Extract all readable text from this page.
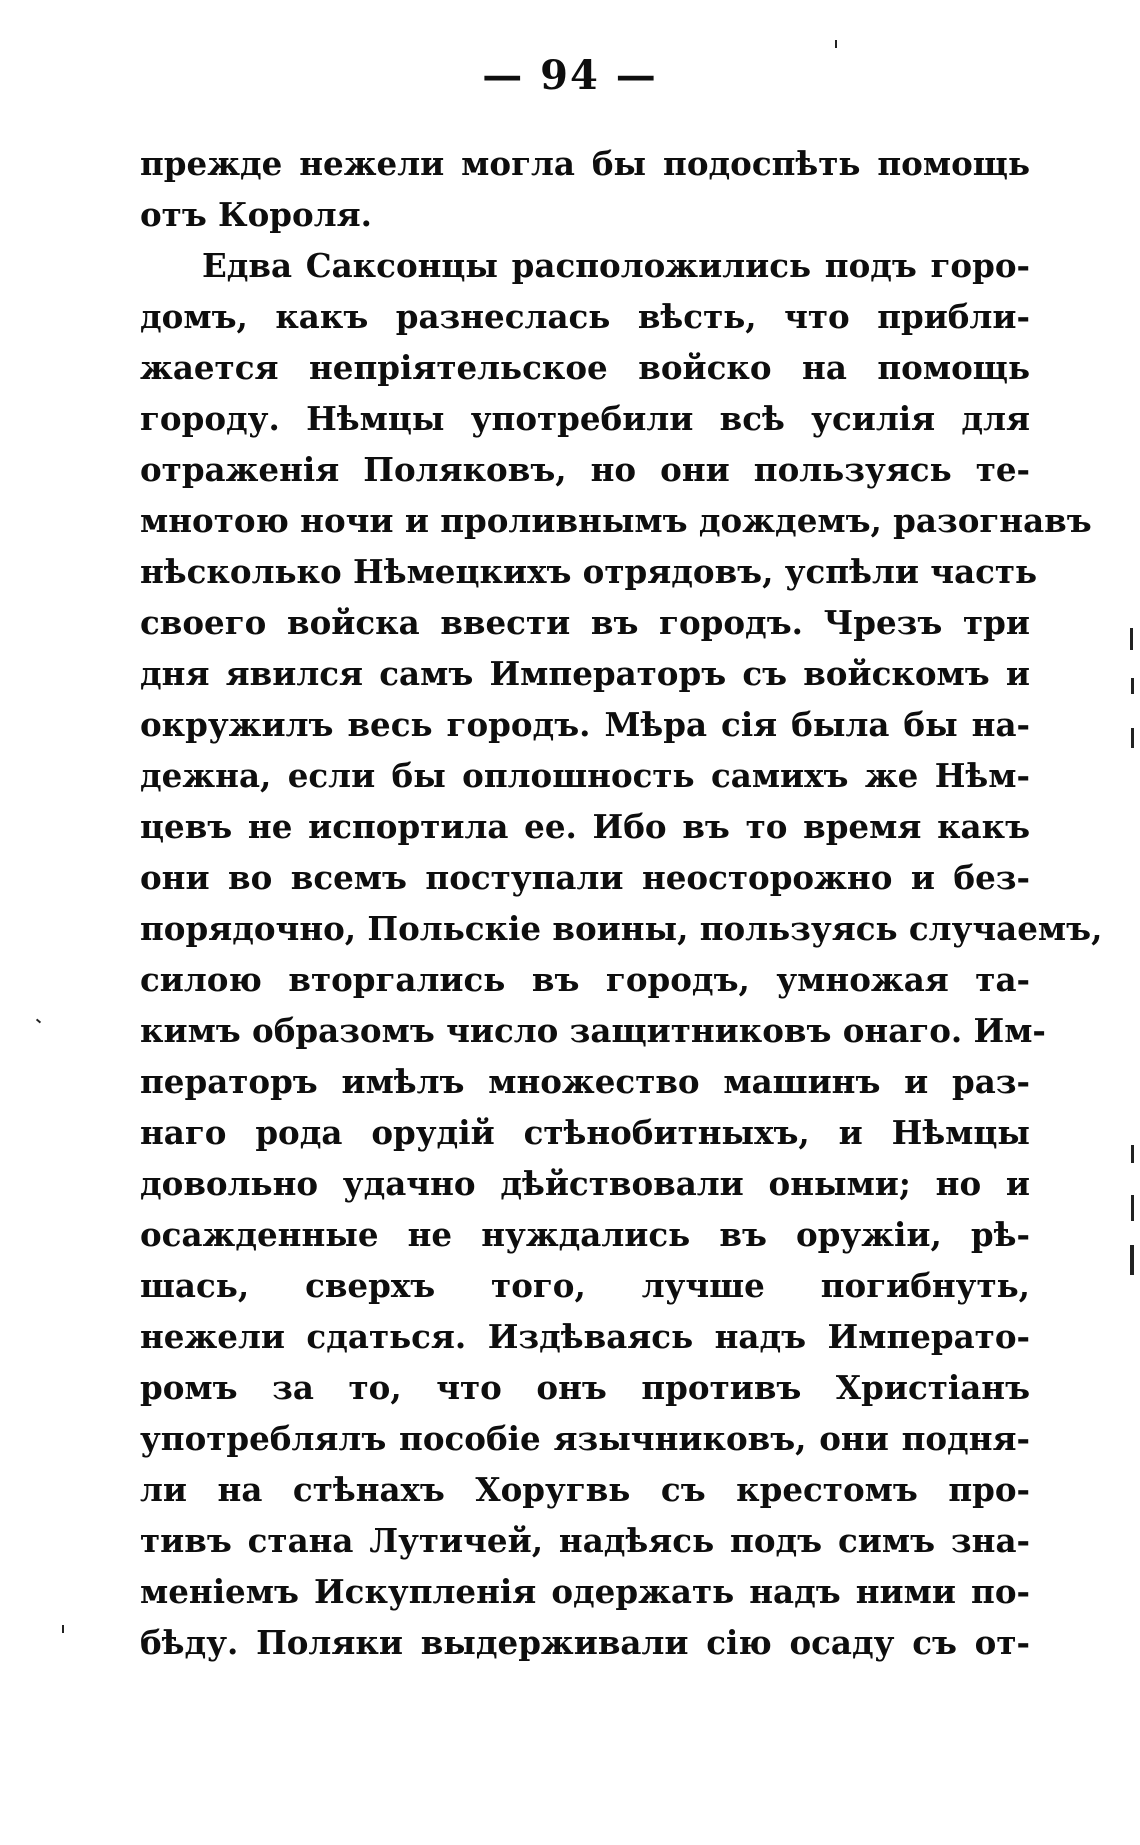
— 94 —
прежде нежели могла бы подоспѣть помощь
отъ Короля.
Едва Саксонцы расположились подъ горо-
домъ, какъ разнеслась вѣсть, что прибли-
жается непріятельское войско на помощь
городу. Нѣмцы употребили всѣ усилія для
отраженія Поляковъ, но они пользуясь те-
мнотою ночи и проливнымъ дождемъ, разогнавъ
нѣсколько Нѣмецкихъ отрядовъ, успѣли часть
своего войска ввести въ городъ. Чрезъ три
дня явился самъ Императоръ съ войскомъ и
окружилъ весь городъ. Мѣра сія была бы на-
дежна, если бы оплошность самихъ же Нѣм-
цевъ не испортила ее. Ибо въ то время какъ
они во всемъ поступали неосторожно и без-
порядочно, Польскіе воины, пользуясь случаемъ,
силою вторгались въ городъ, умножая та-
кимъ образомъ число защитниковъ онаго. Им-
ператоръ имѣлъ множество машинъ и раз-
наго рода орудій стѣнобитныхъ, и Нѣмцы
довольно удачно дѣйствовали оными; но и
осажденные не нуждались въ оружіи, рѣ-
шась, сверхъ того, лучше погибнуть,
нежели сдаться. Издѣваясь надъ Императо-
ромъ за то, что онъ противъ Христіанъ
употреблялъ пособіе язычниковъ, они подня-
ли на стѣнахъ Хоругвь съ крестомъ про-
тивъ стана Лутичей, надѣясь подъ симъ зна-
меніемъ Искупленія одержать надъ ними по-
бѣду. Поляки выдерживали сію осаду съ от-
